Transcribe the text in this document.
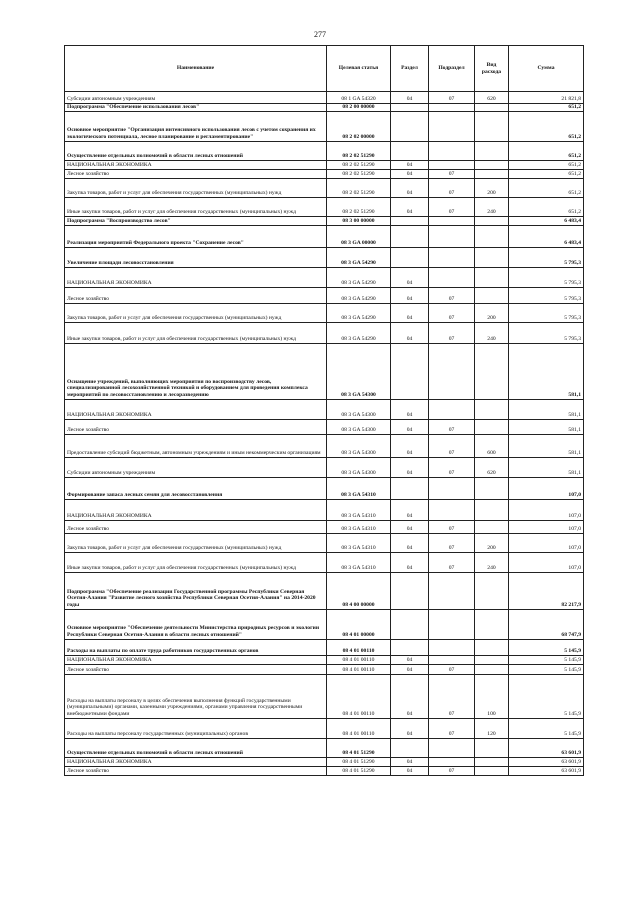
277
Наименование	Целевая статья	Раздел	Подраздел	Вид расхода	Сумма
Субсидии автономным учреждениям	08 1 GA 54320	04	07	620	21 821,8
Подпрограмма "Обеспечение использования лесов"	08 2 00 00000				651,2
Основное мероприятие "Организация интенсивного использования лесов с учетом сохранения их экологического потенциала, лесное планирование и регламентирование"	08 2 02 00000				651,2
Осуществление отдельных полномочий в области лесных отношений	08 2 02 51290				651,2
НАЦИОНАЛЬНАЯ ЭКОНОМИКА	08 2 02 51290	04			651,2
Лесное хозяйство	08 2 02 51290	04	07		651,2
Закупка товаров, работ и услуг для обеспечения государственных (муниципальных) нужд	08 2 02 51290	04	07	200	651,2
Иные закупки товаров, работ и услуг для обеспечения государственных (муниципальных) нужд	08 2 02 51290	04	07	240	651,2
Подпрограмма "Воспроизводство лесов"	08 3 00 00000				6 483,4
Реализация мероприятий Федерального проекта "Сохранение лесов"	08 3 GA 00000				6 483,4
Увеличение площади лесовосстановления	08 3 GA 54290				5 795,3
НАЦИОНАЛЬНАЯ ЭКОНОМИКА	08 3 GA 54290	04			5 795,3
Лесное хозяйство	08 3 GA 54290	04	07		5 795,3
Закупка товаров, работ и услуг для обеспечения государственных (муниципальных) нужд	08 3 GA 54290	04	07	200	5 795,3
Иные закупки товаров, работ и услуг для обеспечения государственных (муниципальных) нужд	08 3 GA 54290	04	07	240	5 795,3
Оснащение учреждений, выполняющих мероприятия по воспроизводству лесов, специализированной лесохозяйственной техникой и оборудованием для проведения комплекса мероприятий по лесовосстановлению и лесоразведению	08 3 GA 54300				581,1
НАЦИОНАЛЬНАЯ ЭКОНОМИКА	08 3 GA 54300	04			581,1
Лесное хозяйство	08 3 GA 54300	04	07		581,1
Предоставление субсидий бюджетным, автономным учреждениям и иным некоммерческим организациям	08 3 GA 54300	04	07	600	581,1
Субсидии автономным учреждениям	08 3 GA 54300	04	07	620	581,1
Формирование запаса лесных семян для лесовосстановления	08 3 GA 54310				107,0
НАЦИОНАЛЬНАЯ ЭКОНОМИКА	08 3 GA 54310	04			107,0
Лесное хозяйство	08 3 GA 54310	04	07		107,0
Закупка товаров, работ и услуг для обеспечения государственных (муниципальных) нужд	08 3 GA 54310	04	07	200	107,0
Иные закупки товаров, работ и услуг для обеспечения государственных (муниципальных) нужд	08 3 GA 54310	04	07	240	107,0
Подпрограмма "Обеспечение реализации Государственной программы Республики Северная Осетия-Алания "Развитие лесного хозяйства Республики Северная Осетия-Алания" на 2014-2020 годы	08 4 00 00000				82 217,9
Основное мероприятие "Обеспечение деятельности Министерства природных ресурсов и экологии Республики Северная Осетия-Алания в области лесных отношений"	08 4 01 00000				68 747,9
Расходы на выплаты по оплате труда работников государственных органов	08 4 01 00110				5 145,9
НАЦИОНАЛЬНАЯ ЭКОНОМИКА	08 4 01 00110	04			5 145,9
Лесное хозяйство	08 4 01 00110	04	07		5 145,9
Расходы на выплаты персоналу в целях обеспечения выполнения функций государственными (муниципальными) органами, казенными учреждениями, органами управления государственными внебюджетными фондами	08 4 01 00110	04	07	100	5 145,9
Расходы на выплаты персоналу государственных (муниципальных) органов	08 4 01 00110	04	07	120	5 145,9
Осуществление отдельных полномочий в области лесных отношений	08 4 01 51290				63 601,9
НАЦИОНАЛЬНАЯ ЭКОНОМИКА	08 4 01 51290	04			63 601,9
Лесное хозяйство	08 4 01 51290	04	07		63 601,9
